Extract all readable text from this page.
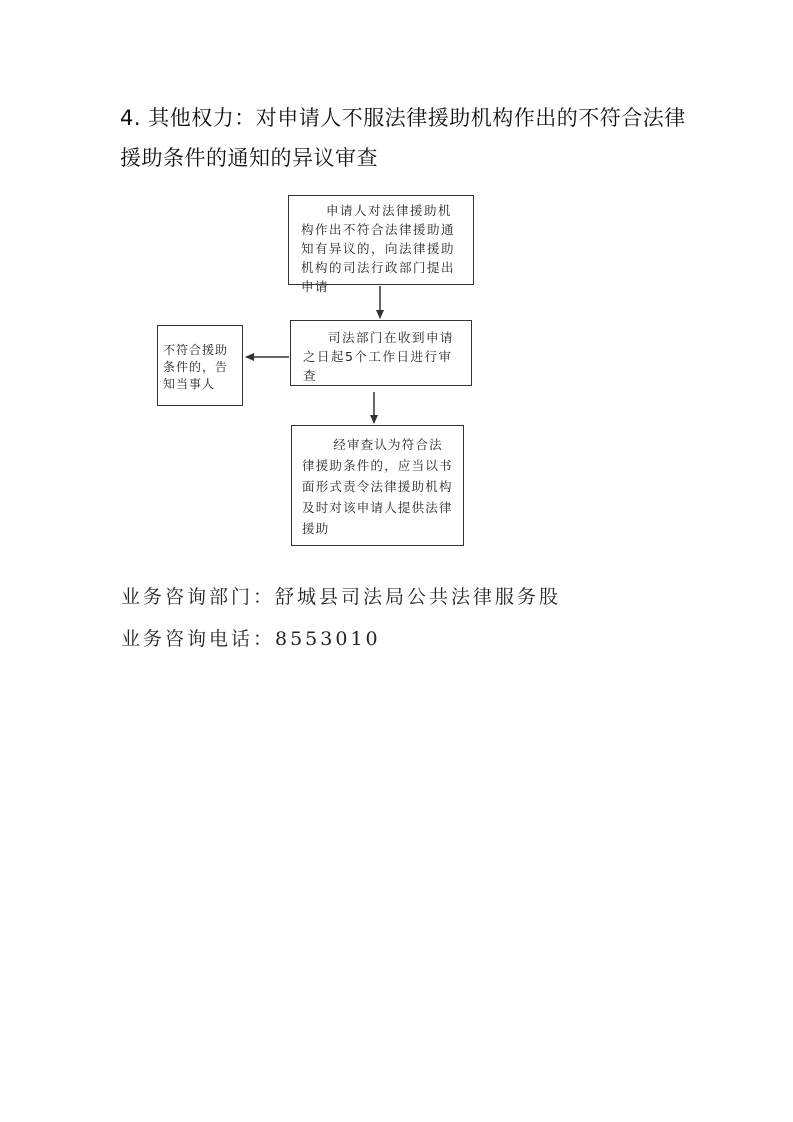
4. 其他权力：对申请人不服法律援助机构作出的不符合法律
援助条件的通知的异议审查
申请人对法律援助机构作出不符合法律援助通知有异议的，向法律援助机构的司法行政部门提出申请
司法部门在收到申请之日起5个工作日进行审查
不符合援助条件的，告知当事人
经审查认为符合法律援助条件的，应当以书面形式责令法律援助机构及时对该申请人提供法律援助

业务咨询部门：舒城县司法局公共法律服务股

业务咨询电话：8553010
